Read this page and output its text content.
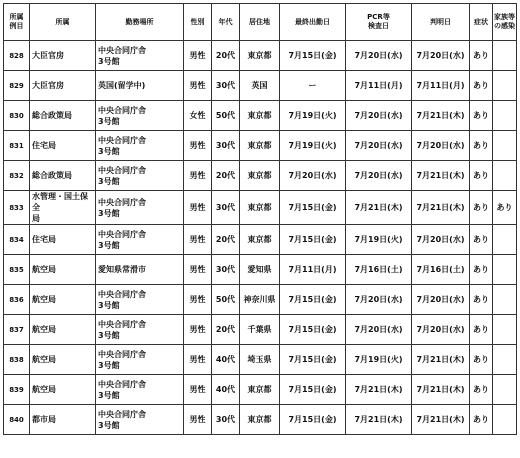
所属
例目	所属	勤務場所	性別	年代	居住地	最終出勤日	PCR等
検査日	判明日	症状	家族等
の感染
828	大臣官房	中央合同庁舎
3号館	男性	20代	東京都	7月15日(金)	7月20日(水)	7月20日(水)	あり	
829	大臣官房	英国(留学中)	男性	30代	英国	ー	7月11日(月)	7月11日(月)	あり	
830	総合政策局	中央合同庁舎
3号館	女性	50代	東京都	7月19日(火)	7月20日(水)	7月21日(木)	あり	
831	住宅局	中央合同庁舎
3号館	男性	30代	東京都	7月19日(火)	7月20日(水)	7月20日(水)	あり	
832	総合政策局	中央合同庁舎
3号館	男性	20代	東京都	7月20日(水)	7月20日(水)	7月21日(木)	あり	
833	水管理・国土保全
局	中央合同庁舎
3号館	男性	30代	東京都	7月15日(金)	7月21日(木)	7月21日(木)	あり	あり
834	住宅局	中央合同庁舎
3号館	男性	20代	東京都	7月15日(金)	7月19日(火)	7月20日(水)	あり	
835	航空局	愛知県常滑市	男性	30代	愛知県	7月11日(月)	7月16日(土)	7月16日(土)	あり	
836	航空局	中央合同庁舎
3号館	男性	50代	神奈川県	7月15日(金)	7月20日(水)	7月20日(水)	あり	
837	航空局	中央合同庁舎
3号館	男性	20代	千葉県	7月15日(金)	7月20日(水)	7月20日(水)	あり	
838	航空局	中央合同庁舎
3号館	男性	40代	埼玉県	7月15日(金)	7月19日(火)	7月21日(木)	あり	
839	航空局	中央合同庁舎
3号館	男性	40代	東京都	7月15日(金)	7月21日(木)	7月21日(木)	あり	
840	都市局	中央合同庁舎
3号館	男性	30代	東京都	7月15日(金)	7月21日(木)	7月21日(木)	あり	
